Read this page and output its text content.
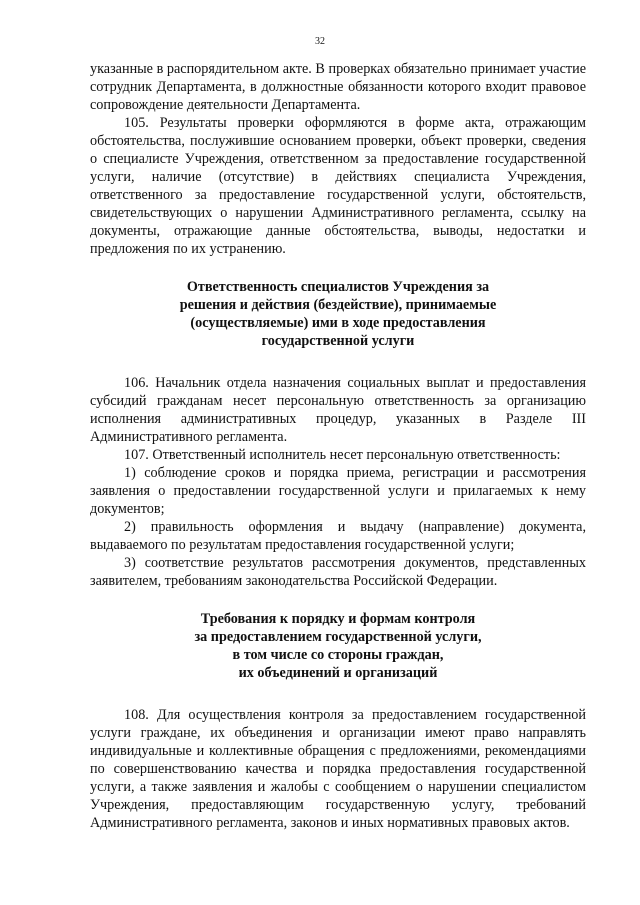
32

указанные в распорядительном акте. В проверках обязательно принимает участие сотрудник Департамента, в должностные обязанности которого входит правовое сопровождение деятельности Департамента.

105. Результаты проверки оформляются в форме акта, отражающим обстоятельства, послужившие основанием проверки, объект проверки, сведения о специалисте Учреждения, ответственном за предоставление государственной услуги, наличие (отсутствие) в действиях специалиста Учреждения, ответственного за предоставление государственной услуги, обстоятельств, свидетельствующих о нарушении Административного регламента, ссылку на документы, отражающие данные обстоятельства, выводы, недостатки и предложения по их устранению.

Ответственность специалистов Учреждения за
решения и действия (бездействие), принимаемые
(осуществляемые) ими в ходе предоставления
государственной услуги

106. Начальник отдела назначения социальных выплат и предоставления субсидий гражданам несет персональную ответственность за организацию исполнения административных процедур, указанных в Разделе III Административного регламента.

107. Ответственный исполнитель несет персональную ответственность:

1) соблюдение сроков и порядка приема, регистрации и рассмотрения заявления о предоставлении государственной услуги и прилагаемых к нему документов;

2) правильность оформления и выдачу (направление) документа, выдаваемого по результатам предоставления государственной услуги;

3) соответствие результатов рассмотрения документов, представленных заявителем, требованиям законодательства Российской Федерации.

Требования к порядку и формам контроля
за предоставлением государственной услуги,
в том числе со стороны граждан,
их объединений и организаций

108. Для осуществления контроля за предоставлением государственной услуги граждане, их объединения и организации имеют право направлять индивидуальные и коллективные обращения с предложениями, рекомендациями по совершенствованию качества и порядка предоставления государственной услуги, а также заявления и жалобы с сообщением о нарушении специалистом Учреждения, предоставляющим государственную услугу, требований Административного регламента, законов и иных нормативных правовых актов.
